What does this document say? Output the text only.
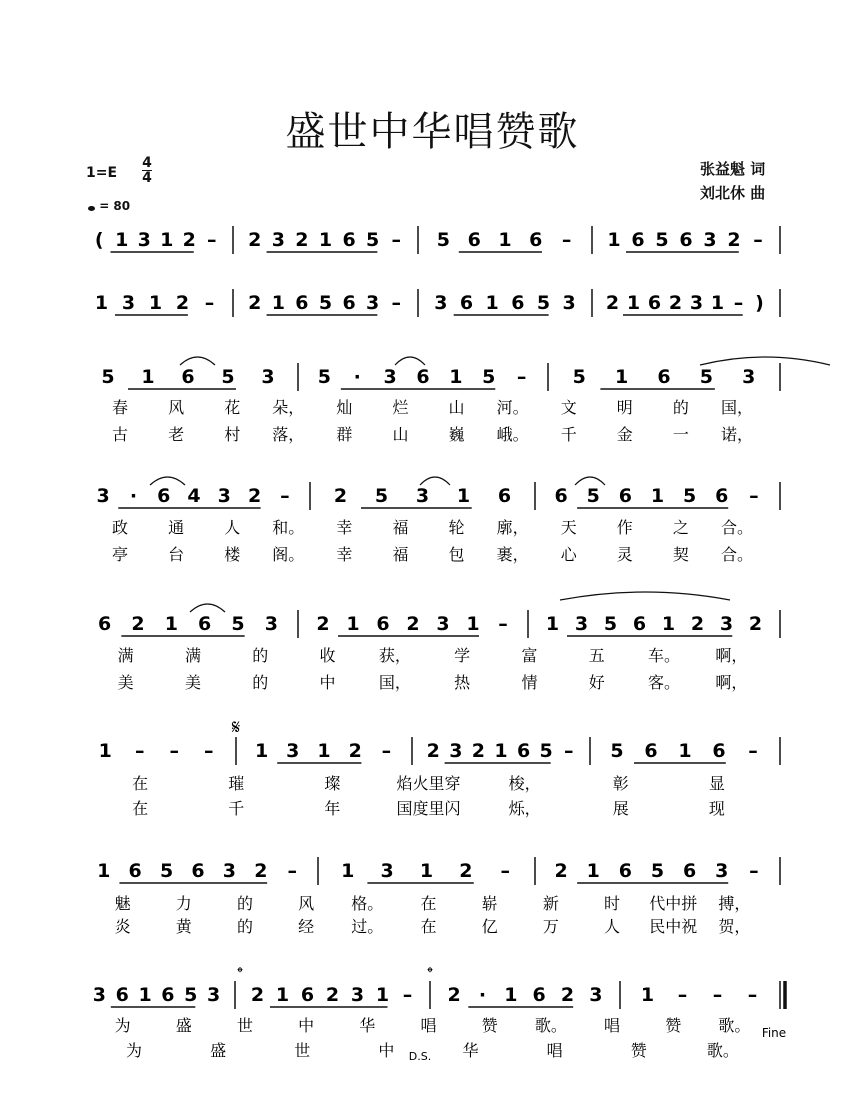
盛世中华唱赞歌
1=E
4
4
= 80
张益魁 词
刘北休 曲
( 1 3 1 2 – 2 3 2 1 6 5 – 5 6 1 6 – 1 6 5 6 3 2 –
1 3 1 2 – 2 1 6 5 6 3 – 3 6 1 6 5 3 2 1 6 2 3 1 – )
5 1 6 5 3 5 · 3 6 1 5 – 5 1 6 5 3
春	风	花 朵， 灿	烂	山 河。 文	明	的 国，
古	老	村 落， 群	山	巍 峨。 千	金	一 诺，
3 · 6 4 3 2 – 2 5 3 1 6 6 5 6 1 5 6 –
政	通	人 和。 幸	福	轮 廓， 天	作	之 合。
亭	台	楼 阁。 幸	福	包 裹， 心	灵	契 合。
6 2 1 6 5 3 2 1 6 2 3 1 – 1 3 5 6 1 2 3 2
满	满	的	收	获，	学	富	五	车。 啊，
美	美	的	中	国，	热	情	好	客。 啊，
1 – – – 1 3 1 2 – 2 3 2 1 6 5 – 5 6 1 6 –
在	璀	璨	焰火里穿	梭，	彰	显
在	千	年	国度里闪	烁，	展	现
1 6 5 6 3 2 – 1 3 1 2 – 2 1 6 5 6 3 –
魅	力	的	风 格。 在	崭	新	时 代中拼 搏，
炎	黄	的	经 过。 在	亿	万	人 民中祝 贺，
3 6 1 6 5 3 2 1 6 2 3 1 – 2 · 1 6 2 3 1 – – –
为	盛	世	中	华	唱	赞 歌。 唱	赞 歌。
为	盛	世	中	华	唱	赞	歌。
𝄋
𝄌	𝄌
Fine
D.S.
